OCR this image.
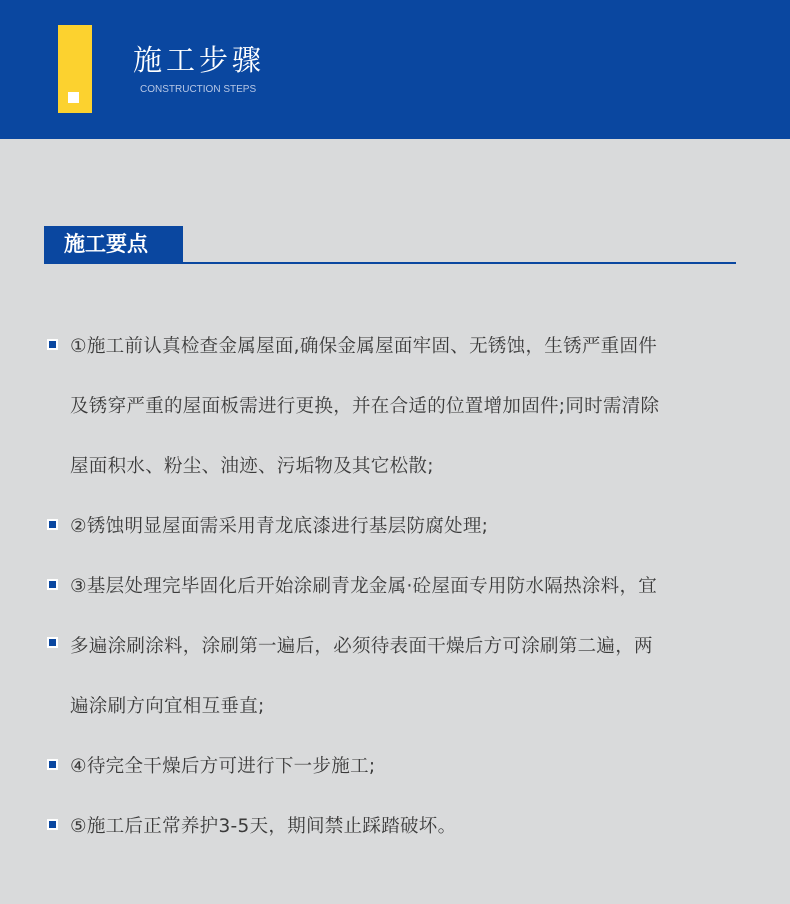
施工步骤
CONSTRUCTION STEPS
施工要点
①施工前认真检查金属屋面,确保金属屋面牢固、无锈蚀，生锈严重固件
及锈穿严重的屋面板需进行更换，并在合适的位置增加固件;同时需清除
屋面积水、粉尘、油迹、污垢物及其它松散;
②锈蚀明显屋面需采用青龙底漆进行基层防腐处理;
③基层处理完毕固化后开始涂刷青龙金属·砼屋面专用防水隔热涂料，宜
多遍涂刷涂料，涂刷第一遍后，必须待表面干燥后方可涂刷第二遍，两
遍涂刷方向宜相互垂直;
④待完全干燥后方可进行下一步施工;
⑤施工后正常养护3-5天，期间禁止踩踏破坏。
